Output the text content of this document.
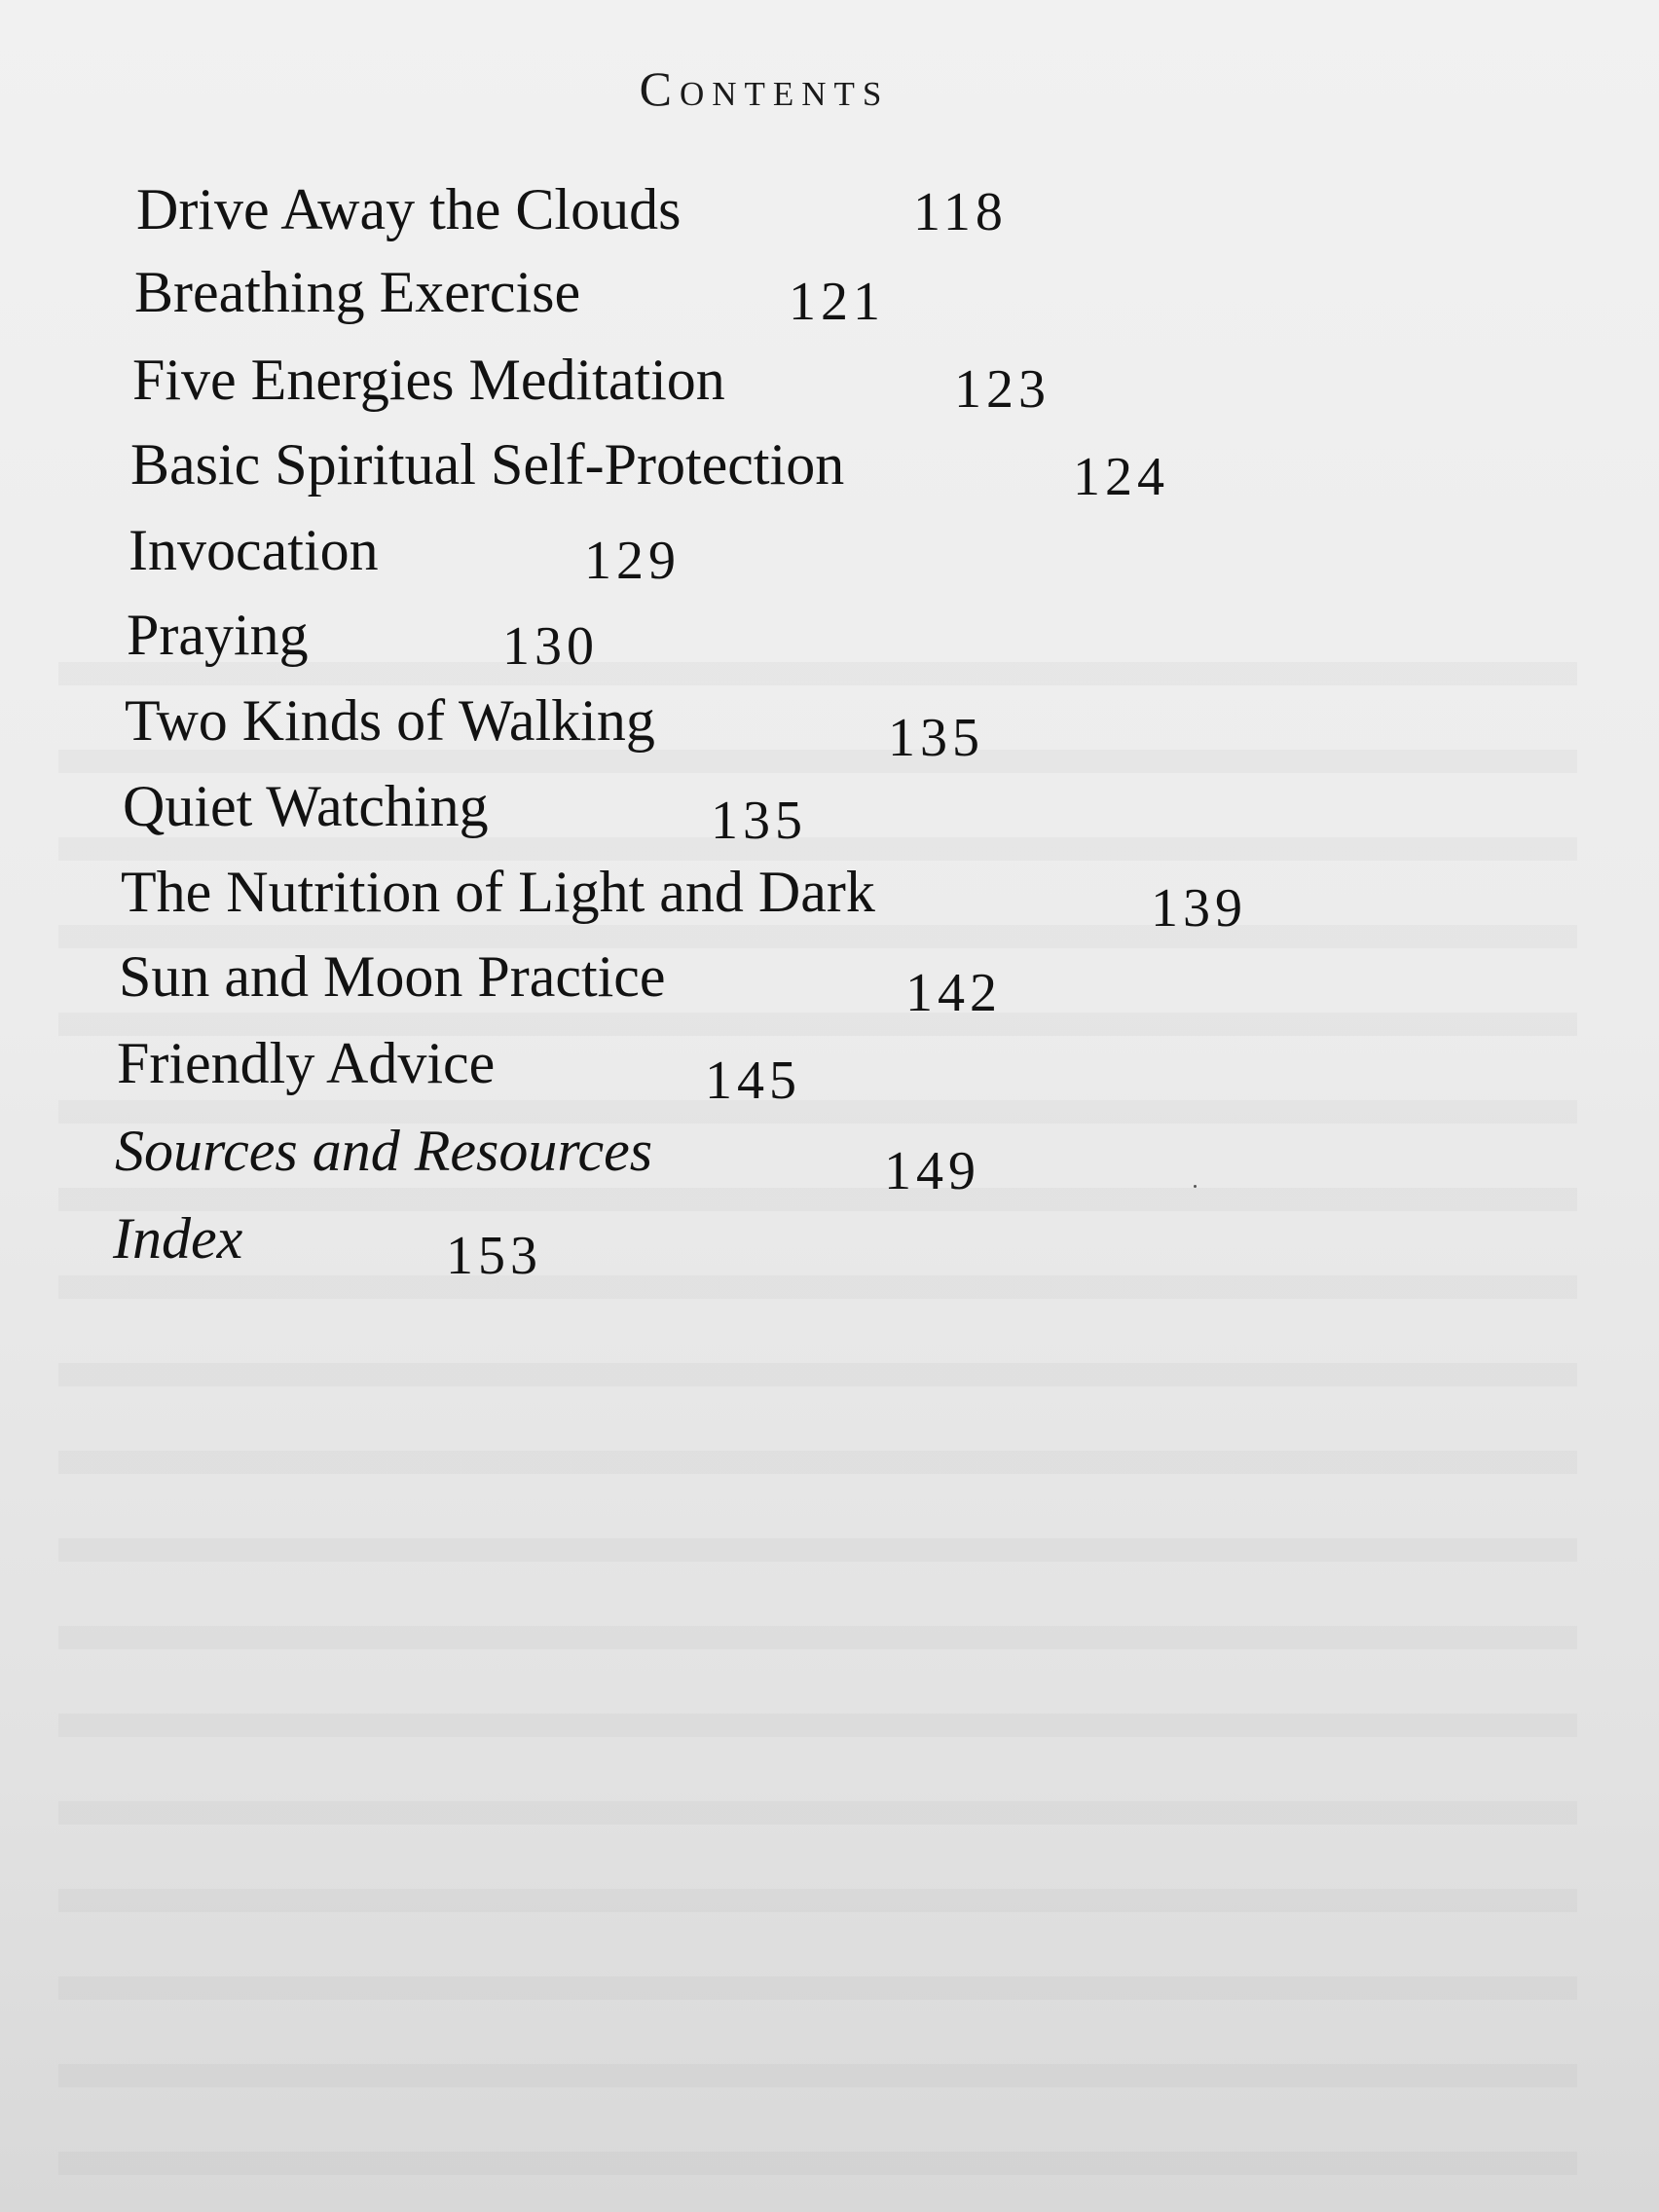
Contents
Drive Away the Clouds	118
Breathing Exercise	121
Five Energies Meditation	123
Basic Spiritual Self-Protection	124
Invocation	129
Praying	130
Two Kinds of Walking	135
Quiet Watching	135
The Nutrition of Light and Dark	139
Sun and Moon Practice	142
Friendly Advice	145
Sources and Resources	149
Index	153
